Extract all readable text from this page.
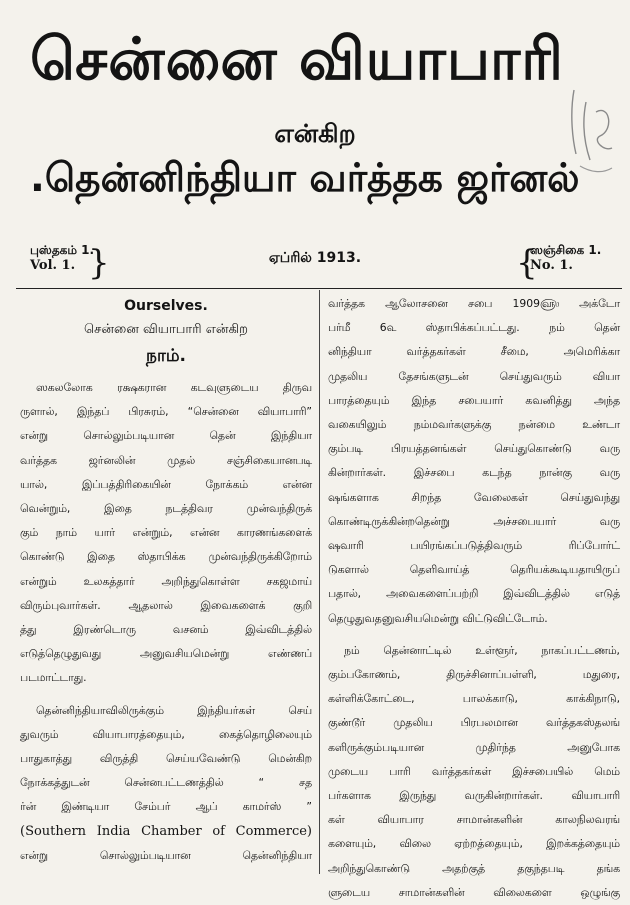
சென்னை வியாபாரி
என்கிற
.தென்னிந்தியா வர்த்தக ஜர்னல்
புஸ்தகம் 1.
Vol. 1. }	ஏப்ரில் 1913.	{
ஸஞ்சிகை 1.
No. 1.
Ourselves.
சென்னை வியாபாரி என்கிற
நாம்.

ஸகலலோக ரக்ஷகரான கடவுளுடைய திருவ

ருளால், இந்தப் பிரசுரம், “சென்னை வியாபாரி”

என்று சொல்லும்படியான தென் இந்தியா

வர்த்தக ஜர்னலின் முதல் சஞ்சிகையானபடி

யால், இப்பத்திரிகையின் நோக்கம் என்ன

வென்றும், இதை நடத்திவர முன்வந்திருக்

கும் நாம் யார் என்றும், என்ன காரணங்களைக்

கொண்டு இதை ஸ்தாபிக்க முன்வந்திருக்கிறோம்

என்றும் உலகத்தார் அறிந்துகொள்ள சகஜமாய்

விரும்புவார்கள். ஆதலால் இவைகளைக் குறி

த்து இரண்டொரு வசனம் இவ்விடத்தில்

எடுத்தெழுதுவது அனுவசியமென்று எண்ணப்

படமாட்டாது.

தென்னிந்தியாவிலிருக்கும் இந்தியர்கள் செய்

துவரும் வியாபாரத்தையும், கைத்தொழிலையும்

பாதுகாத்து விருத்தி செய்யவேண்டு மென்கிற

நோக்கத்துடன் சென்னபட்டணத்தில் “ சத

ர்ன் இண்டியா சேம்பர் ஆப் காமர்ஸ் ”

(Southern India Chamber of Commerce)

என்று சொல்லும்படியான தென்னிந்தியா

வர்த்தக ஆலோசனை சபை 1909௵ அக்டோ

பர்மீ 6௳ ஸ்தாபிக்கப்பட்டது. நம் தென்

னிந்தியா வர்த்தகர்கள் சீமை, அமெரிக்கா

முதலிய தேசங்களுடன் செய்துவரும் வியா

பாரத்தையும் இந்த சபையார் கவனித்து அந்த

வகையிலும் நம்மவர்களுக்கு நன்மை உண்டா

கும்படி பிரயத்தனங்கள் செய்துகொண்டு வரு

கின்றார்கள். இச்சபை கடந்த நான்கு வரு

ஷங்களாக சிறந்த வேலைகள் செய்துவந்து

கொண்டிருக்கின்றதென்று அச்சபையார் வரு

ஷவாரி பயிரங்கப்படுத்திவரும் ரிப்போர்ட்

டுகளால் தெளிவாய்த் தெரியக்கூடியதாயிருப்

பதால், அவைகளைப்பற்றி இவ்விடத்தில் எடுத்

தெழுதுவதனுவசியமென்று விட்டுவிட்டோம்.

நம் தென்னாட்டில் உள்ளூர், நாகப்பட்டணம்,

கும்பகோணம், திருச்சினாப்பள்ளி, மதுரை,

கள்ளிக்கோட்டை, பாலக்காடு, காக்கிநாடு,

குண்டூர் முதலிய பிரபலமான வர்த்தகஸ்தலங்

களிருக்கும்படியான முதிர்ந்த அனுபோக

முடைய பாரி வர்த்தகர்கள் இச்சபையில் மெம்

பர்களாக இருந்து வருகின்றார்கள். வியாபாரி

கள் வியாபார சாமான்களின் காலநிலவரங்

களையும், விலை ஏற்றத்தையும், இறக்கத்தையும்

அறிந்துகொண்டு அதற்குத் தகுந்தபடி தங்க

ளுடைய சாமான்களின் விலைகளை ஒழுங்கு
